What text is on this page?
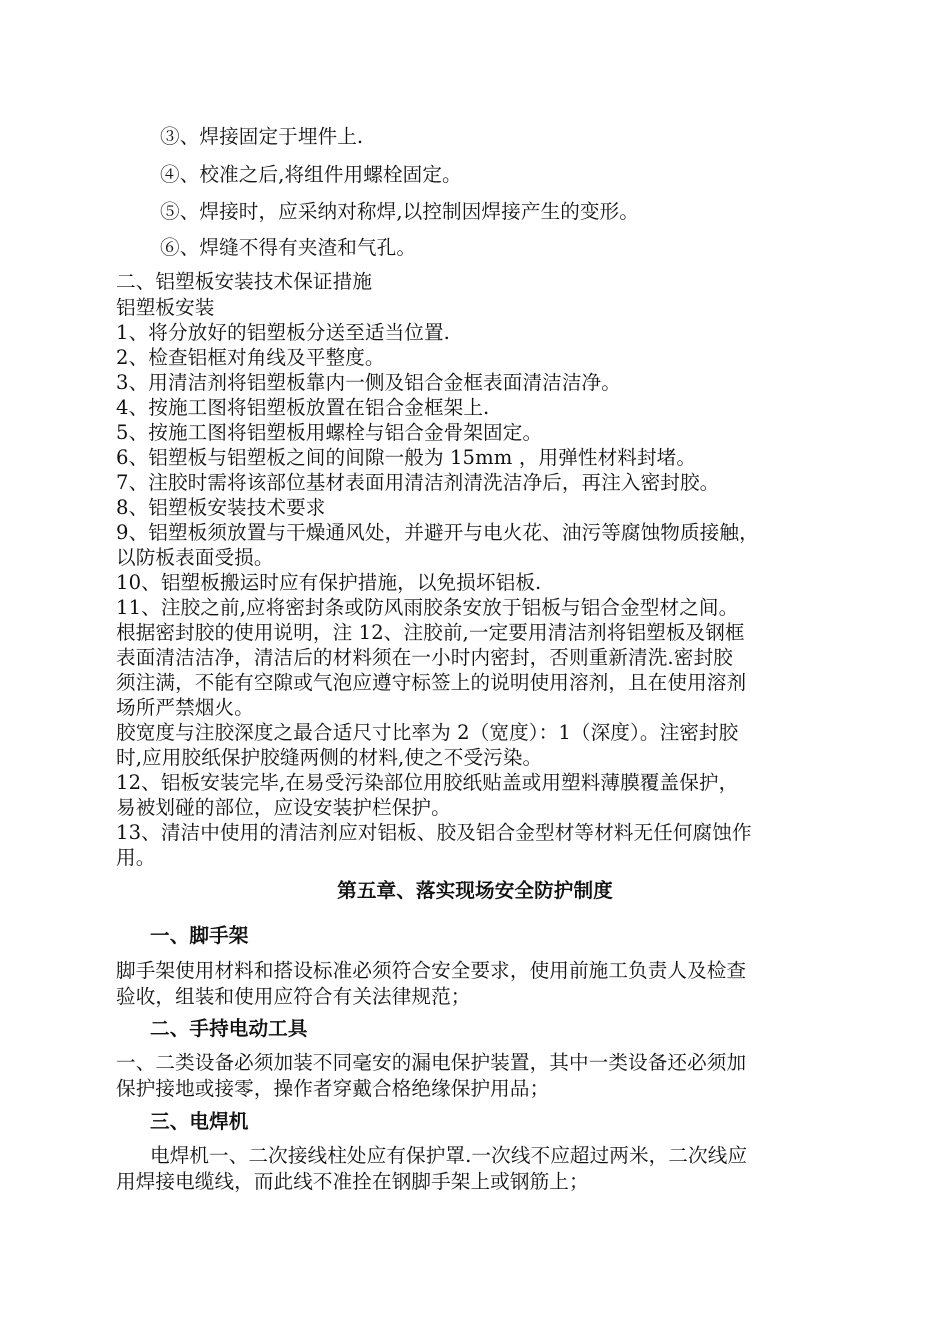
③、焊接固定于埋件上.
④、校准之后,将组件用螺栓固定。
⑤、焊接时，应采纳对称焊,以控制因焊接产生的变形。
⑥、焊缝不得有夹渣和气孔。
二、铝塑板安装技术保证措施
铝塑板安装
1、将分放好的铝塑板分送至适当位置.
2、检查铝框对角线及平整度。
3、用清洁剂将铝塑板靠内一侧及铝合金框表面清洁洁净。
4、按施工图将铝塑板放置在铝合金框架上.
5、按施工图将铝塑板用螺栓与铝合金骨架固定。
6、铝塑板与铝塑板之间的间隙一般为 15mm ，用弹性材料封堵。
7、注胶时需将该部位基材表面用清洁剂清洗洁净后，再注入密封胶。
8、铝塑板安装技术要求
9、铝塑板须放置与干燥通风处，并避开与电火花、油污等腐蚀物质接触，
以防板表面受损。
10、铝塑板搬运时应有保护措施，以免损坏铝板.
11、注胶之前,应将密封条或防风雨胶条安放于铝板与铝合金型材之间。
根据密封胶的使用说明，注 12、注胶前,一定要用清洁剂将铝塑板及钢框
表面清洁洁净，清洁后的材料须在一小时内密封，否则重新清洗.密封胶
须注满，不能有空隙或气泡应遵守标签上的说明使用溶剂，且在使用溶剂
场所严禁烟火。
胶宽度与注胶深度之最合适尺寸比率为 2（宽度）：1（深度）。注密封胶
时,应用胶纸保护胶缝两侧的材料,使之不受污染。
12、铝板安装完毕,在易受污染部位用胶纸贴盖或用塑料薄膜覆盖保护，
易被划碰的部位，应设安装护栏保护。
13、清洁中使用的清洁剂应对铝板、胶及铝合金型材等材料无任何腐蚀作
用。
第五章、落实现场安全防护制度
一、脚手架
脚手架使用材料和搭设标准必须符合安全要求，使用前施工负责人及检查
验收，组装和使用应符合有关法律规范；
二、手持电动工具
一、二类设备必须加装不同毫安的漏电保护装置，其中一类设备还必须加
保护接地或接零，操作者穿戴合格绝缘保护用品；
三、电焊机
电焊机一、二次接线柱处应有保护罩.一次线不应超过两米，二次线应
用焊接电缆线，而此线不准拴在钢脚手架上或钢筋上；
